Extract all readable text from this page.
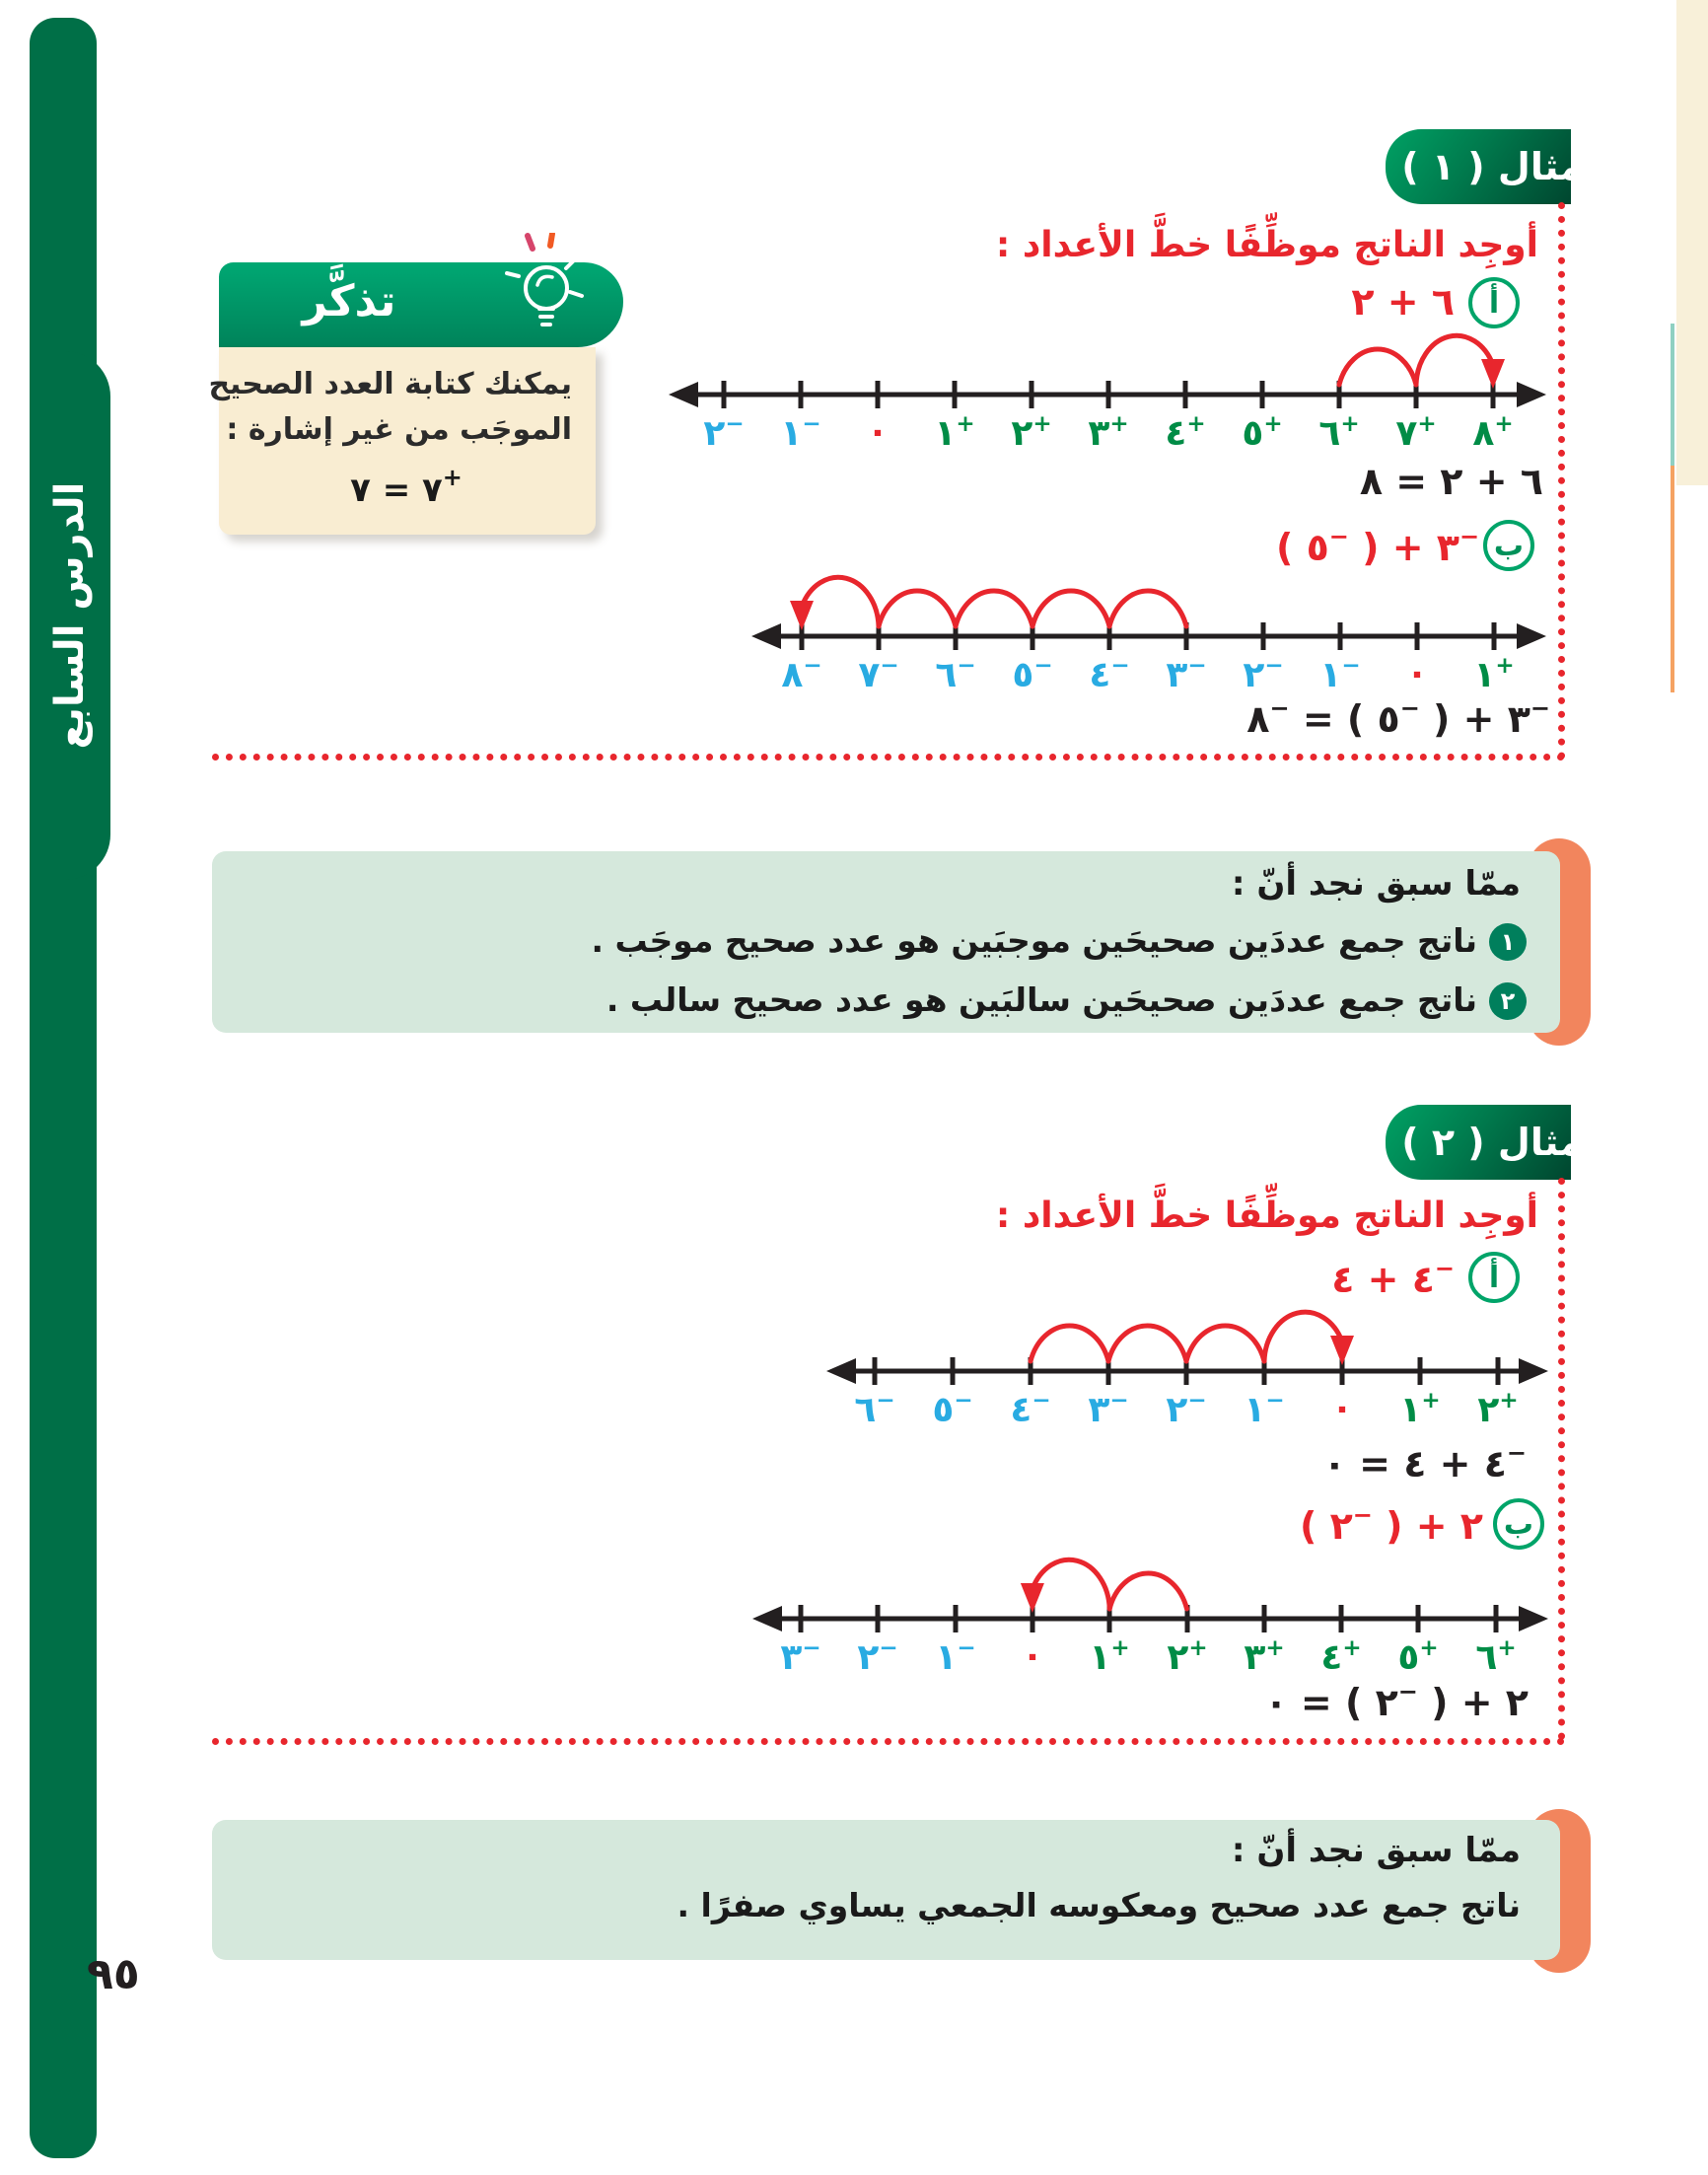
الدرس السابع
مثال ( ١ ) :
أوجِد الناتج موظِّفًا خطَّ الأعداد :
أ
٢ + ٦
٨ = ٢ + ٦
ب
( ٥− ) + ٣−
٨− = ( ٥− ) + ٣−
تذكَّر
يمكنك كتابة العدد الصحيح
الموجَب من غير إشارة :
٧ = ٧+
ممّا سبق نجد أنّ :
١
ناتج جمع عددَين صحيحَين موجبَين هو عدد صحيح موجَب .
٢
ناتج جمع عددَين صحيحَين سالبَين هو عدد صحيح سالب .
مثال ( ٢ ) :
أوجِد الناتج موظِّفًا خطَّ الأعداد :
أ
٤ + ٤−
٠ = ٤ + ٤−
ب
( ٢− ) + ٢
٠ = ( ٢− ) + ٢
ممّا سبق نجد أنّ :
ناتج جمع عدد صحيح ومعكوسه الجمعي يساوي صفرًا .
٩٥
٢−	١−	٠	١+	٢+	٣+	٤+	٥+	٦+	٧+	٨+
٨−	٧−	٦−	٥−	٤−	٣−	٢−	١−	٠	١+
٦−	٥−	٤−	٣−	٢−	١−	٠	١+	٢+
٣−	٢−	١−	٠	١+	٢+	٣+	٤+	٥+	٦+
